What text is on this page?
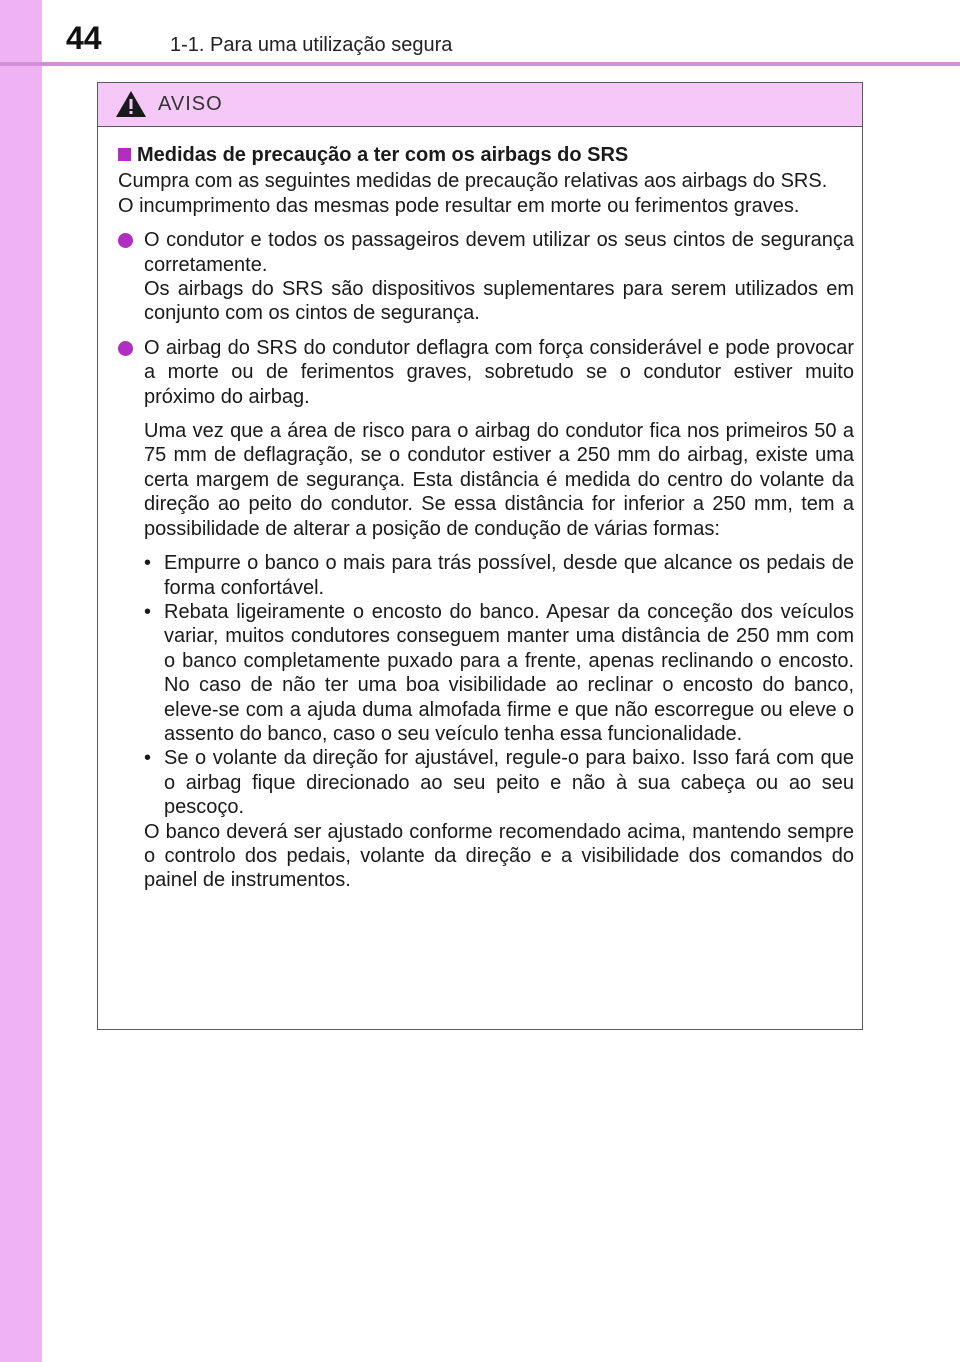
44	1-1. Para uma utilização segura
AVISO
Medidas de precaução a ter com os airbags do SRS
Cumpra com as seguintes medidas de precaução relativas aos airbags do SRS.
O incumprimento das mesmas pode resultar em morte ou ferimentos graves.
O condutor e todos os passageiros devem utilizar os seus cintos de segurança corretamente.
Os airbags do SRS são dispositivos suplementares para serem utilizados em conjunto com os cintos de segurança.
O airbag do SRS do condutor deflagra com força considerável e pode provocar a morte ou de ferimentos graves, sobretudo se o condutor estiver muito próximo do airbag.
Uma vez que a área de risco para o airbag do condutor fica nos primeiros 50 a 75 mm de deflagração, se o condutor estiver a 250 mm do airbag, existe uma certa margem de segurança. Esta distância é medida do centro do volante da direção ao peito do condutor. Se essa distância for inferior a 250 mm, tem a possibilidade de alterar a posição de condução de várias formas:
• Empurre o banco o mais para trás possível, desde que alcance os pedais de forma confortável.
• Rebata ligeiramente o encosto do banco. Apesar da conceção dos veículos variar, muitos condutores conseguem manter uma distância de 250 mm com o banco completamente puxado para a frente, apenas reclinando o encosto. No caso de não ter uma boa visibilidade ao reclinar o encosto do banco, eleve-se com a ajuda duma almofada firme e que não escorregue ou eleve o assento do banco, caso o seu veículo tenha essa funcionalidade.
• Se o volante da direção for ajustável, regule-o para baixo. Isso fará com que o airbag fique direcionado ao seu peito e não à sua cabeça ou ao seu pescoço.
O banco deverá ser ajustado conforme recomendado acima, mantendo sempre o controlo dos pedais, volante da direção e a visibilidade dos comandos do painel de instrumentos.
